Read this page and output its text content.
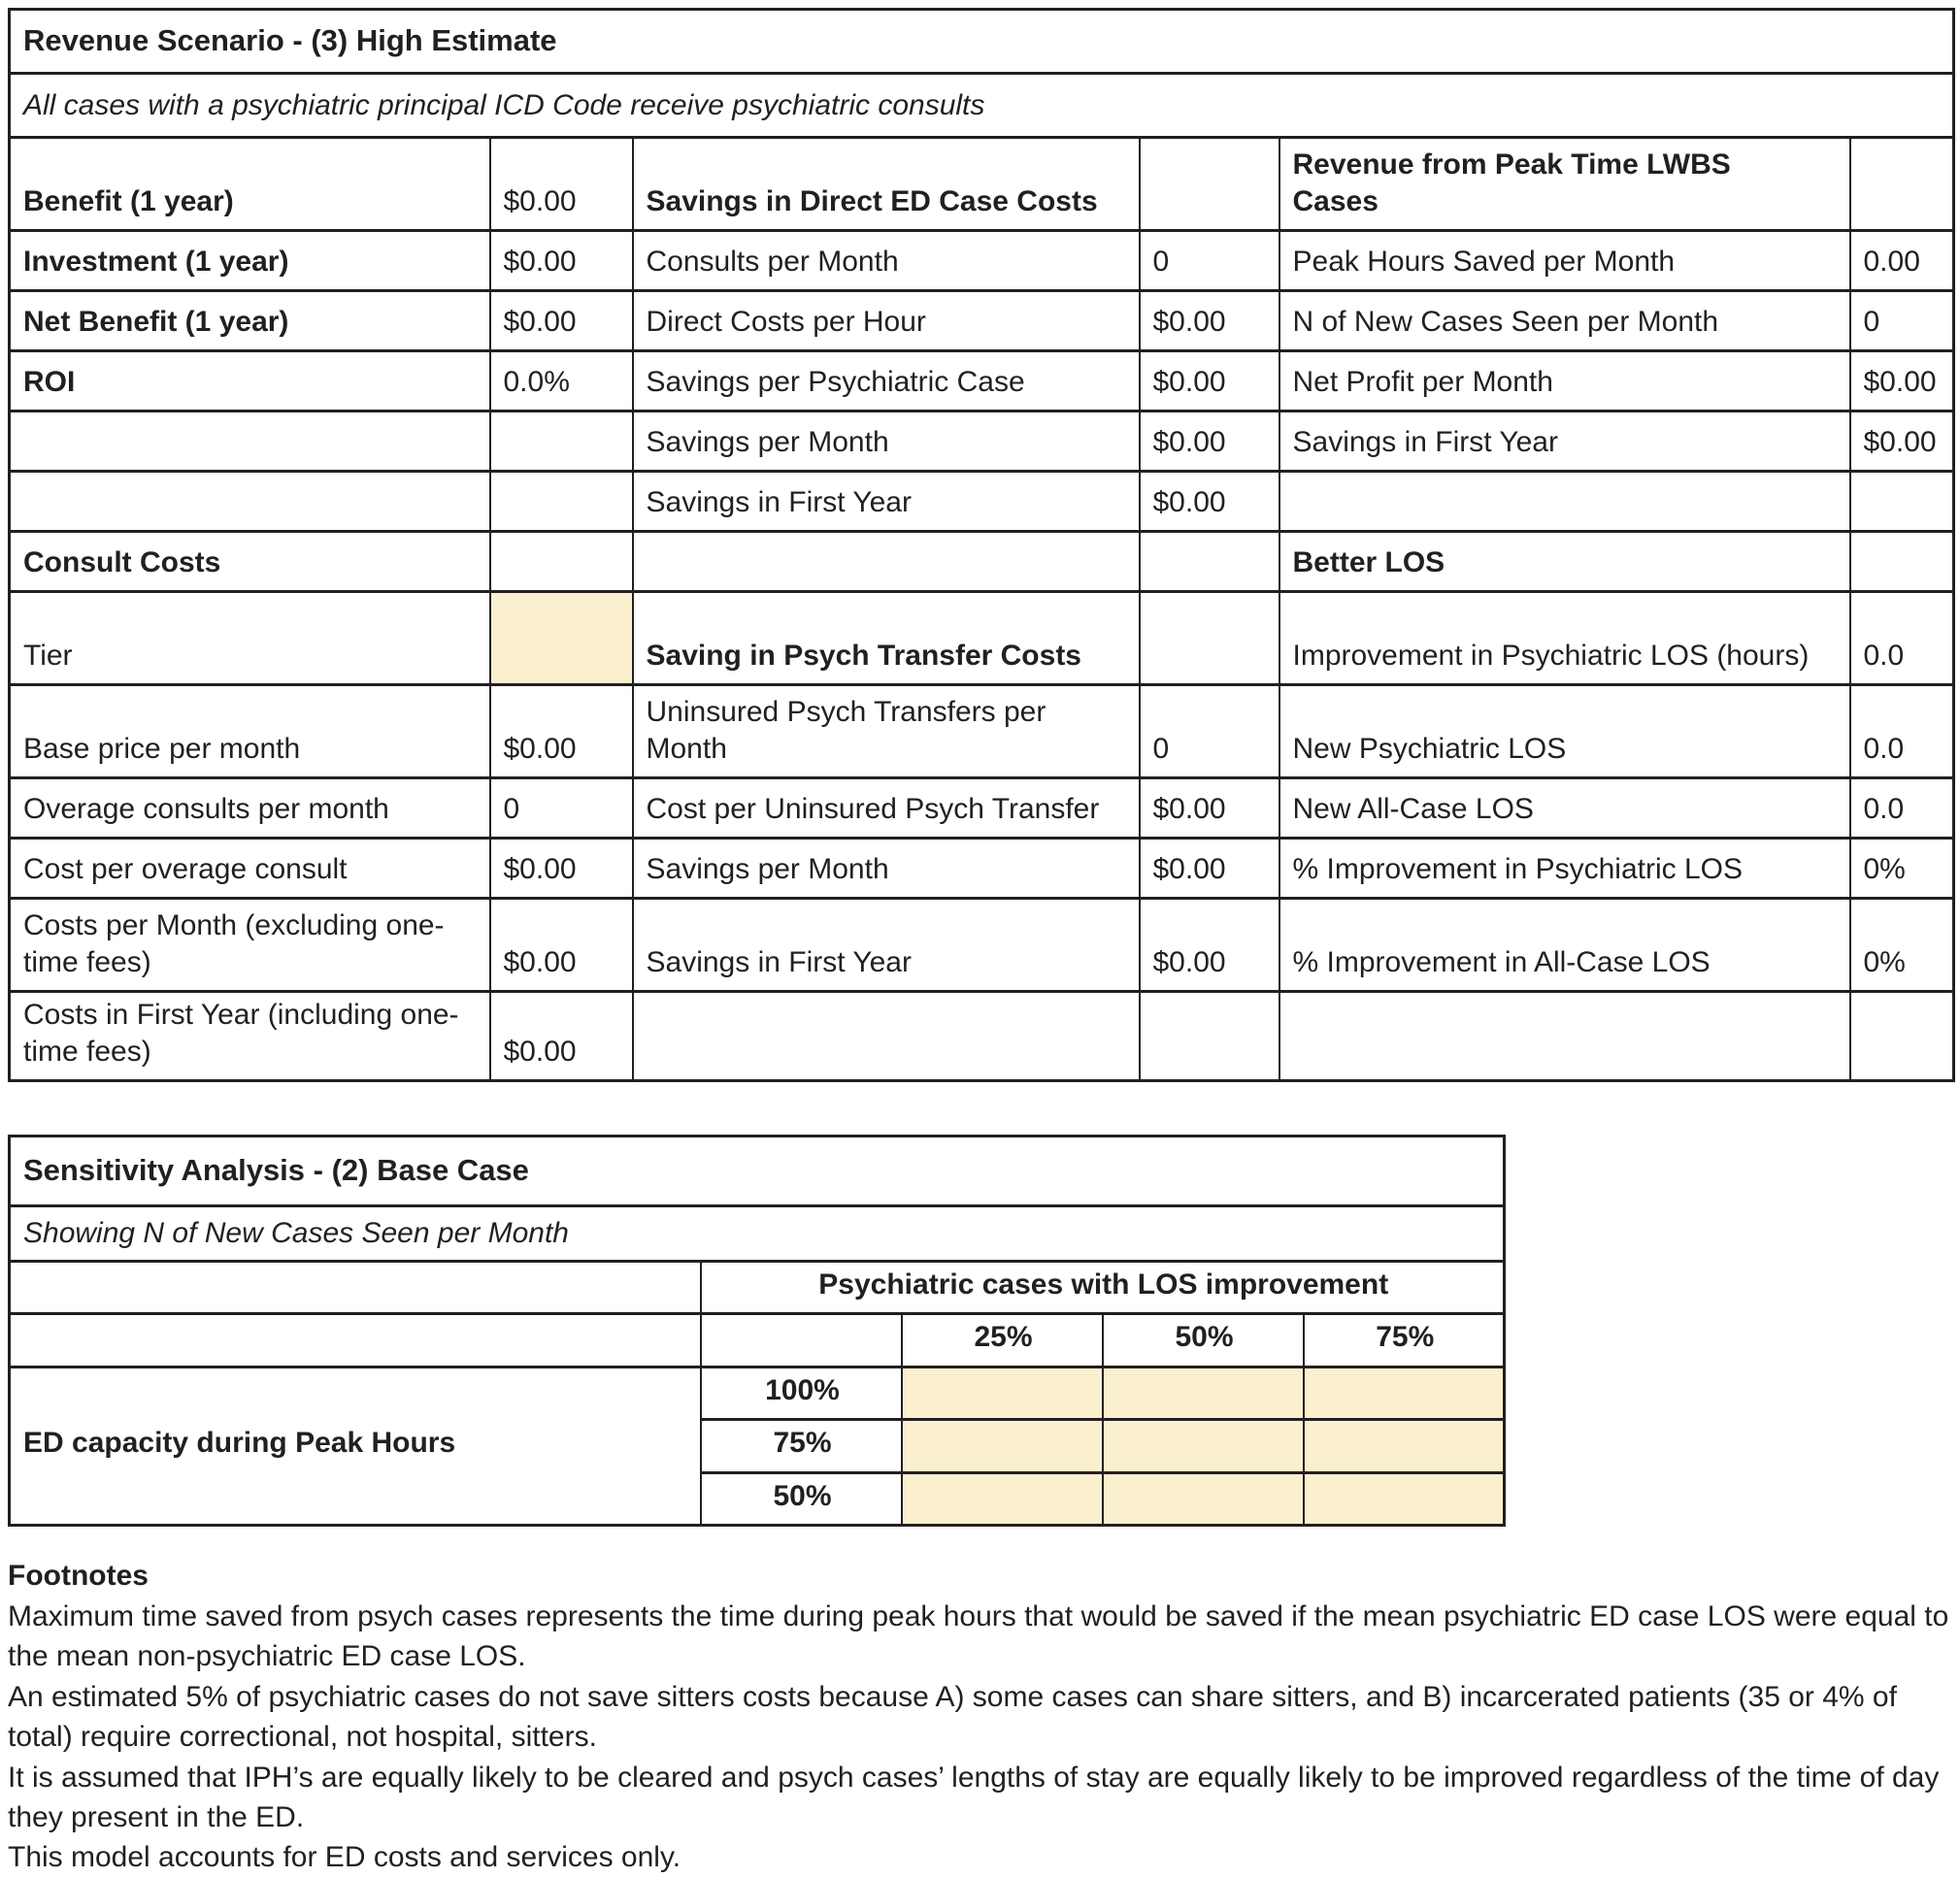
Revenue Scenario - (3) High Estimate					
All cases with a psychiatric principal ICD Code receive psychiatric consults					
Benefit (1 year)	$0.00	Savings in Direct ED Case Costs		Revenue from Peak Time LWBS Cases	
Investment (1 year)	$0.00	Consults per Month	0	Peak Hours Saved per Month	0.00
Net Benefit (1 year)	$0.00	Direct Costs per Hour	$0.00	N of New Cases Seen per Month	0
ROI	0.0%	Savings per Psychiatric Case	$0.00	Net Profit per Month	$0.00
		Savings per Month	$0.00	Savings in First Year	$0.00
		Savings in First Year	$0.00		
Consult Costs				Better LOS	
Tier		Saving in Psych Transfer Costs		Improvement in Psychiatric LOS (hours)	0.0
Base price per month	$0.00	Uninsured Psych Transfers per Month	0	New Psychiatric LOS	0.0
Overage consults per month	0	Cost per Uninsured Psych Transfer	$0.00	New All-Case LOS	0.0
Cost per overage consult	$0.00	Savings per Month	$0.00	% Improvement in Psychiatric LOS	0%
Costs per Month (excluding one-time fees)	$0.00	Savings in First Year	$0.00	% Improvement in All-Case LOS	0%
Costs in First Year (including one-time fees)	$0.00				
Sensitivity Analysis - (2) Base Case				
Showing N of New Cases Seen per Month				
	Psychiatric cases with LOS improvement			
		25%	50%	75%
ED capacity during Peak Hours	100%			
	75%			
	50%			
Footnotes

Maximum time saved from psych cases represents the time during peak hours that would be saved if the mean psychiatric ED case LOS were equal to the mean non-psychiatric ED case LOS.

An estimated 5% of psychiatric cases do not save sitters costs because A) some cases can share sitters, and B) incarcerated patients (35 or 4% of total) require correctional, not hospital, sitters.

It is assumed that IPH’s are equally likely to be cleared and psych cases’ lengths of stay are equally likely to be improved regardless of the time of day they present in the ED.

This model accounts for ED costs and services only.
